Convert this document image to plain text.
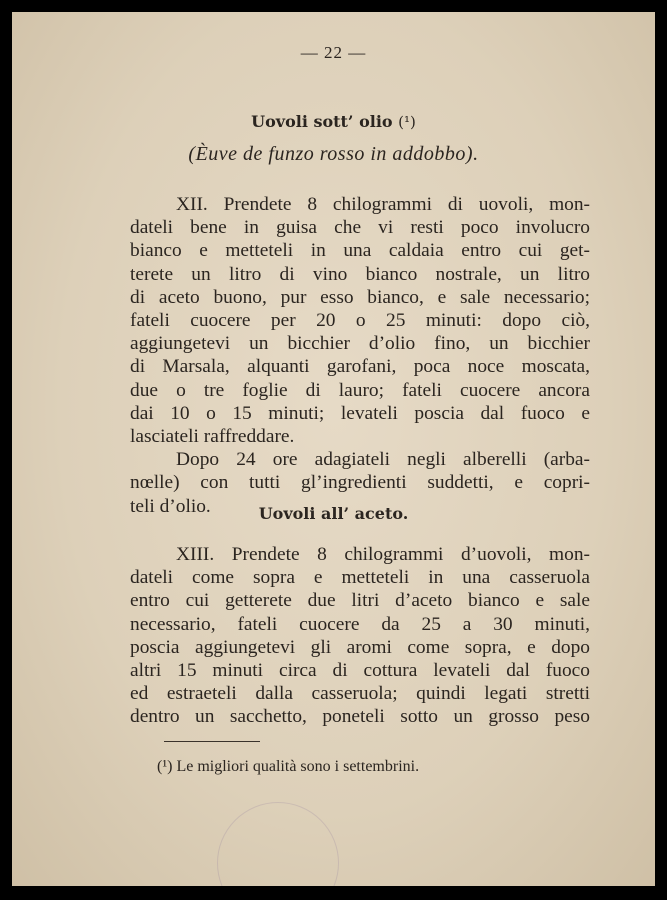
— 22 —
Uovoli sott’ olio (¹)
(Èuve de funzo rosso in addobbo).
XII. Prendete 8 chilogrammi di uovoli, mon-
dateli bene in guisa che vi resti poco involucro
bianco e metteteli in una caldaia entro cui get-
terete un litro di vino bianco nostrale, un litro
di aceto buono, pur esso bianco, e sale necessario;
fateli cuocere per 20 o 25 minuti: dopo ciò,
aggiungetevi un bicchier d’olio fino, un bicchier
di Marsala, alquanti garofani, poca noce moscata,
due o tre foglie di lauro; fateli cuocere ancora
dai 10 o 15 minuti; levateli poscia dal fuoco e
lasciateli raffreddare.
Dopo 24 ore adagiateli negli alberelli (arba-
nœlle) con tutti gl’ingredienti suddetti, e copri-
teli d’olio.	Uovoli all’ aceto.
XIII. Prendete 8 chilogrammi d’uovoli, mon-
dateli come sopra e metteteli in una casseruola
entro cui getterete due litri d’aceto bianco e sale
necessario, fateli cuocere da 25 a 30 minuti,
poscia aggiungetevi gli aromi come sopra, e dopo
altri 15 minuti circa di cottura levateli dal fuoco
ed estraeteli dalla casseruola; quindi legati stretti
dentro un sacchetto, poneteli sotto un grosso peso
(¹) Le migliori qualità sono i settembrini.
